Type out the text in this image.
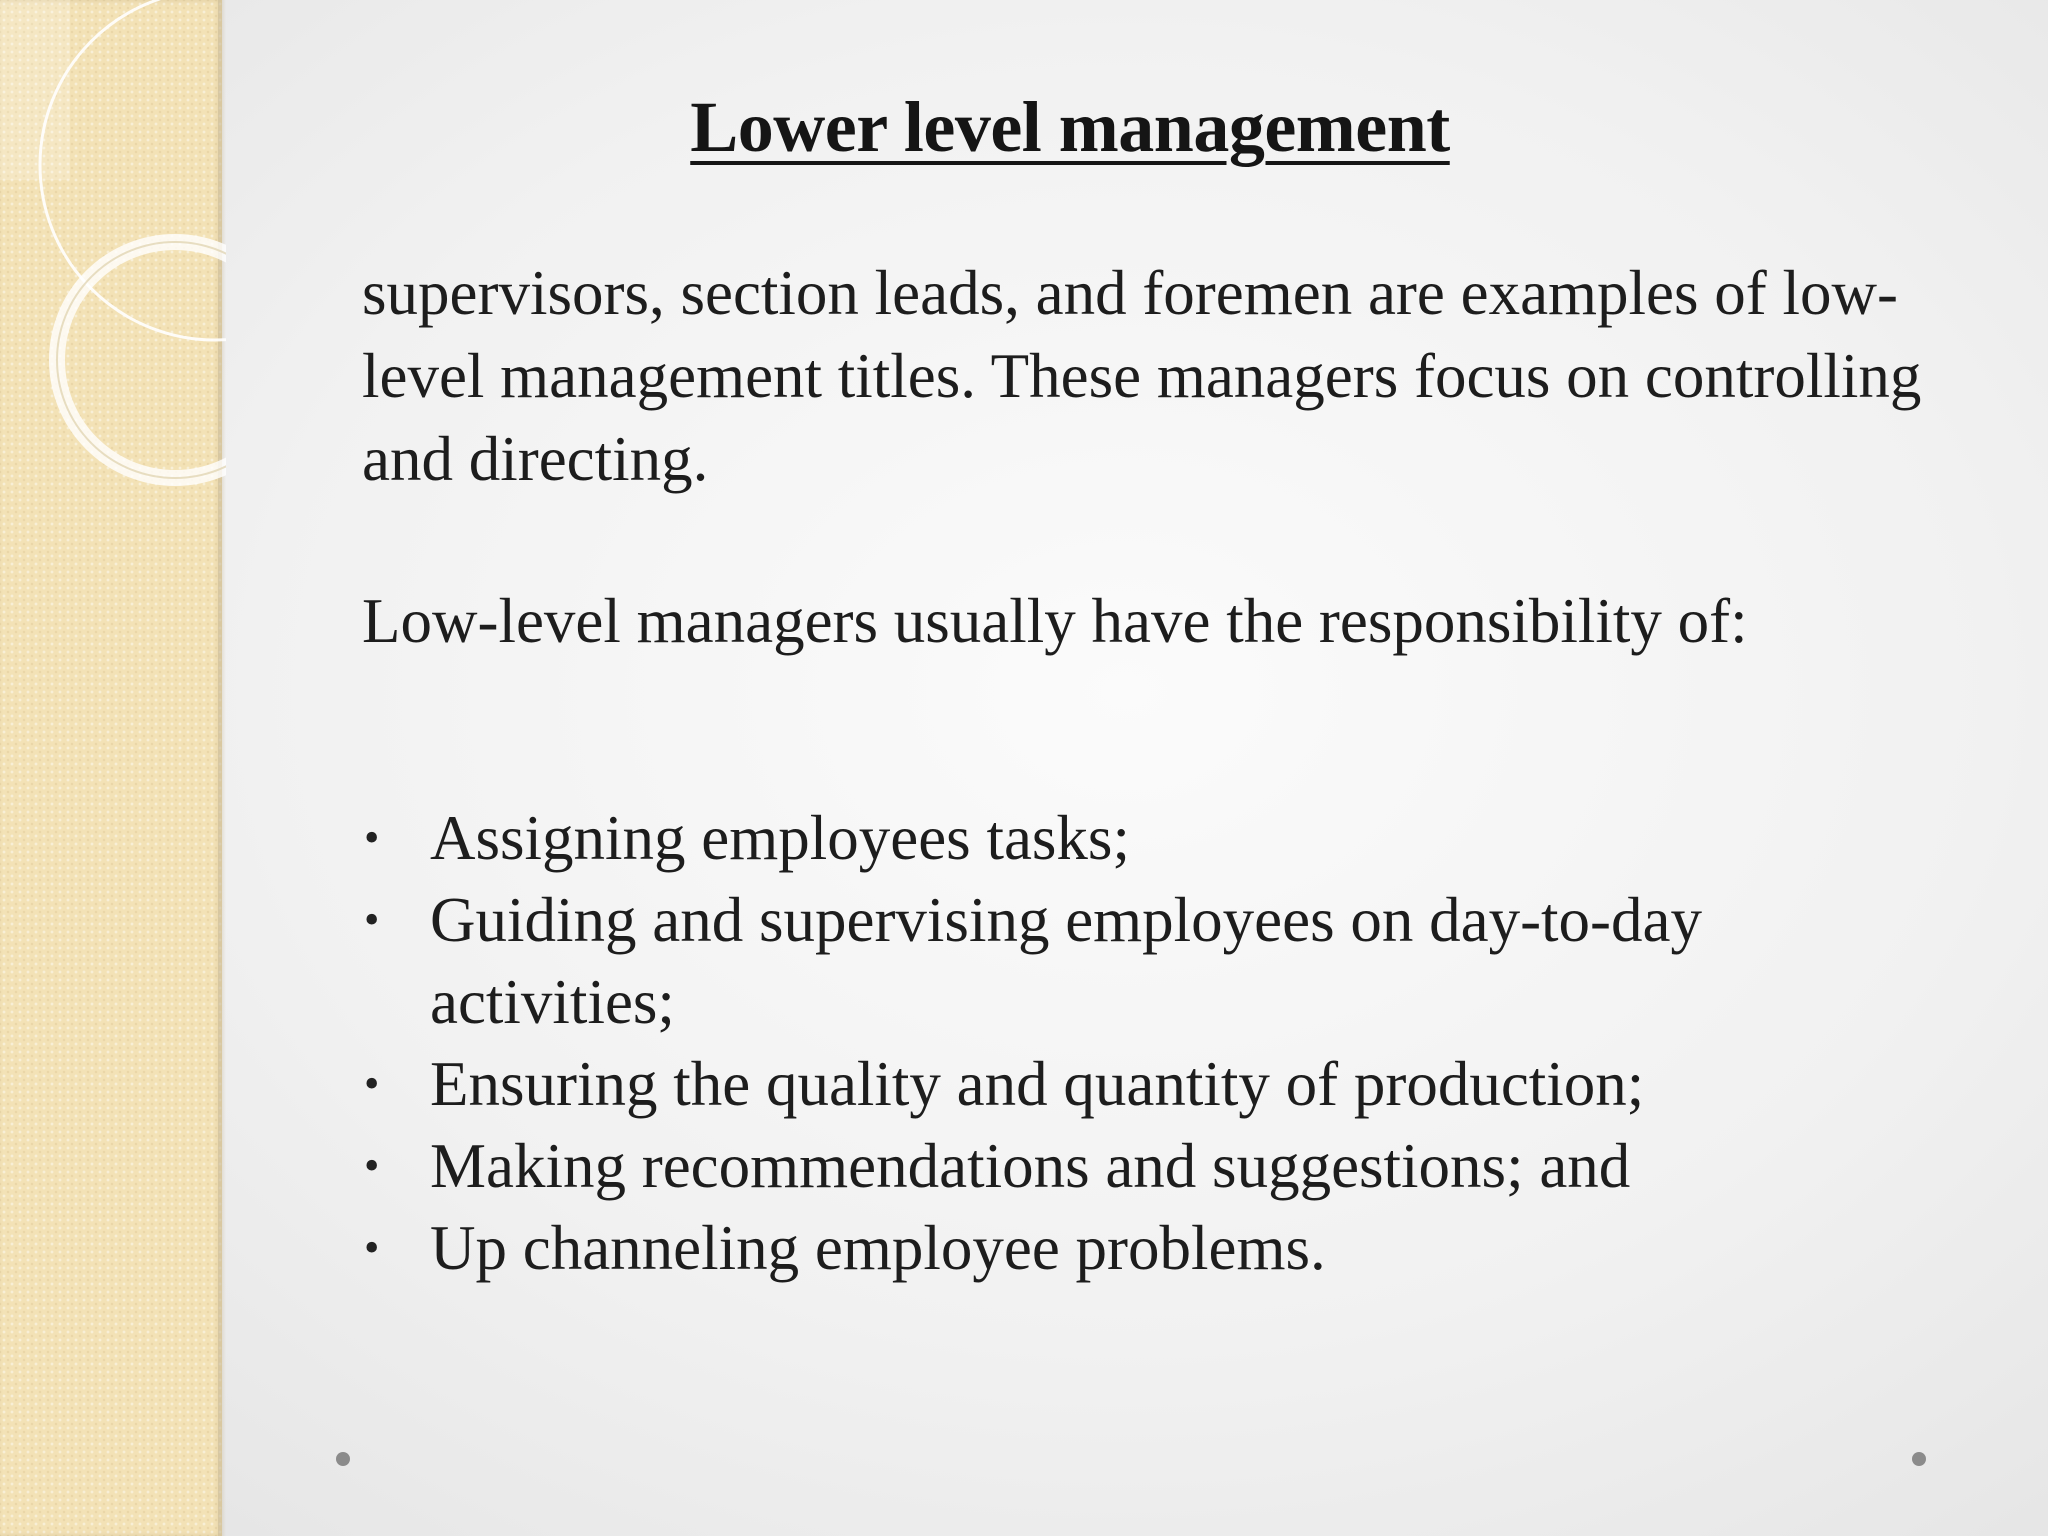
Lower level management

supervisors, section leads, and foremen are examples of low-level management titles. These managers focus on controlling and directing.

Low-level managers usually have the responsibility of:

• Assigning employees tasks;
• Guiding and supervising employees on day-to-day activities;
• Ensuring the quality and quantity of production;
• Making recommendations and suggestions; and
• Up channeling employee problems.
